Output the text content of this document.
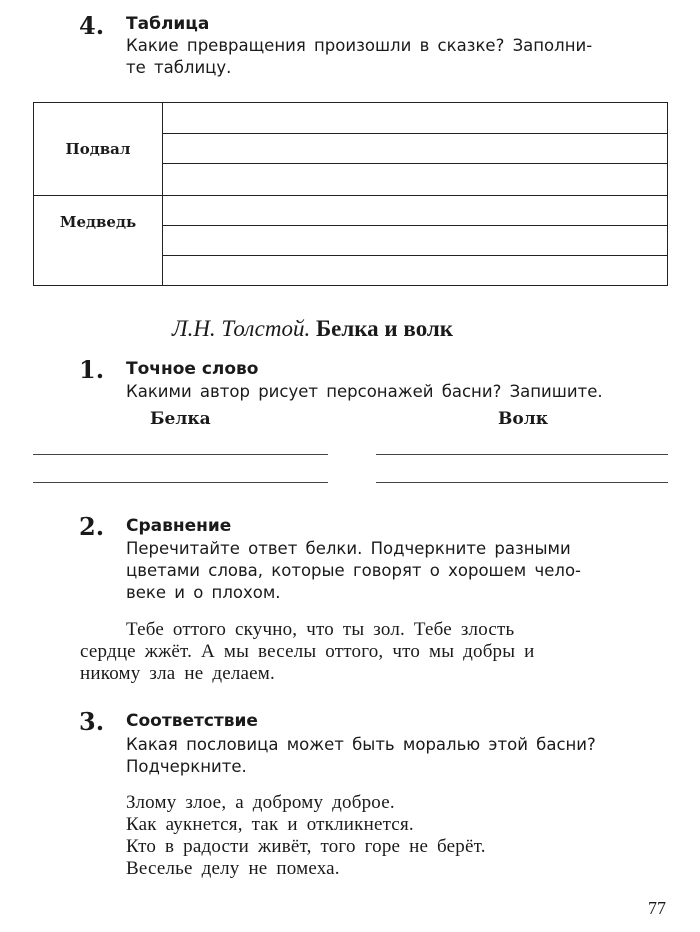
4. Таблица
Какие превращения произошли в сказке? Заполни-
те таблицу.
Подвал
Медведь
Л.Н. Толстой. Белка и волк
1. Точное слово
Какими автор рисует персонажей басни? Запишите.
Белка	Волк
2. Сравнение
Перечитайте ответ белки. Подчеркните разными
цветами слова, которые говорят о хорошем чело-
веке и о плохом.
Тебе оттого скучно, что ты зол. Тебе злость
сердце жжёт. А мы веселы оттого, что мы добры и
никому зла не делаем.
3. Соответствие
Какая пословица может быть моралью этой басни?
Подчеркните.
Злому злое, а доброму доброе.
Как аукнется, так и откликнется.
Кто в радости живёт, того горе не берёт.
Веселье делу не помеха.
77
